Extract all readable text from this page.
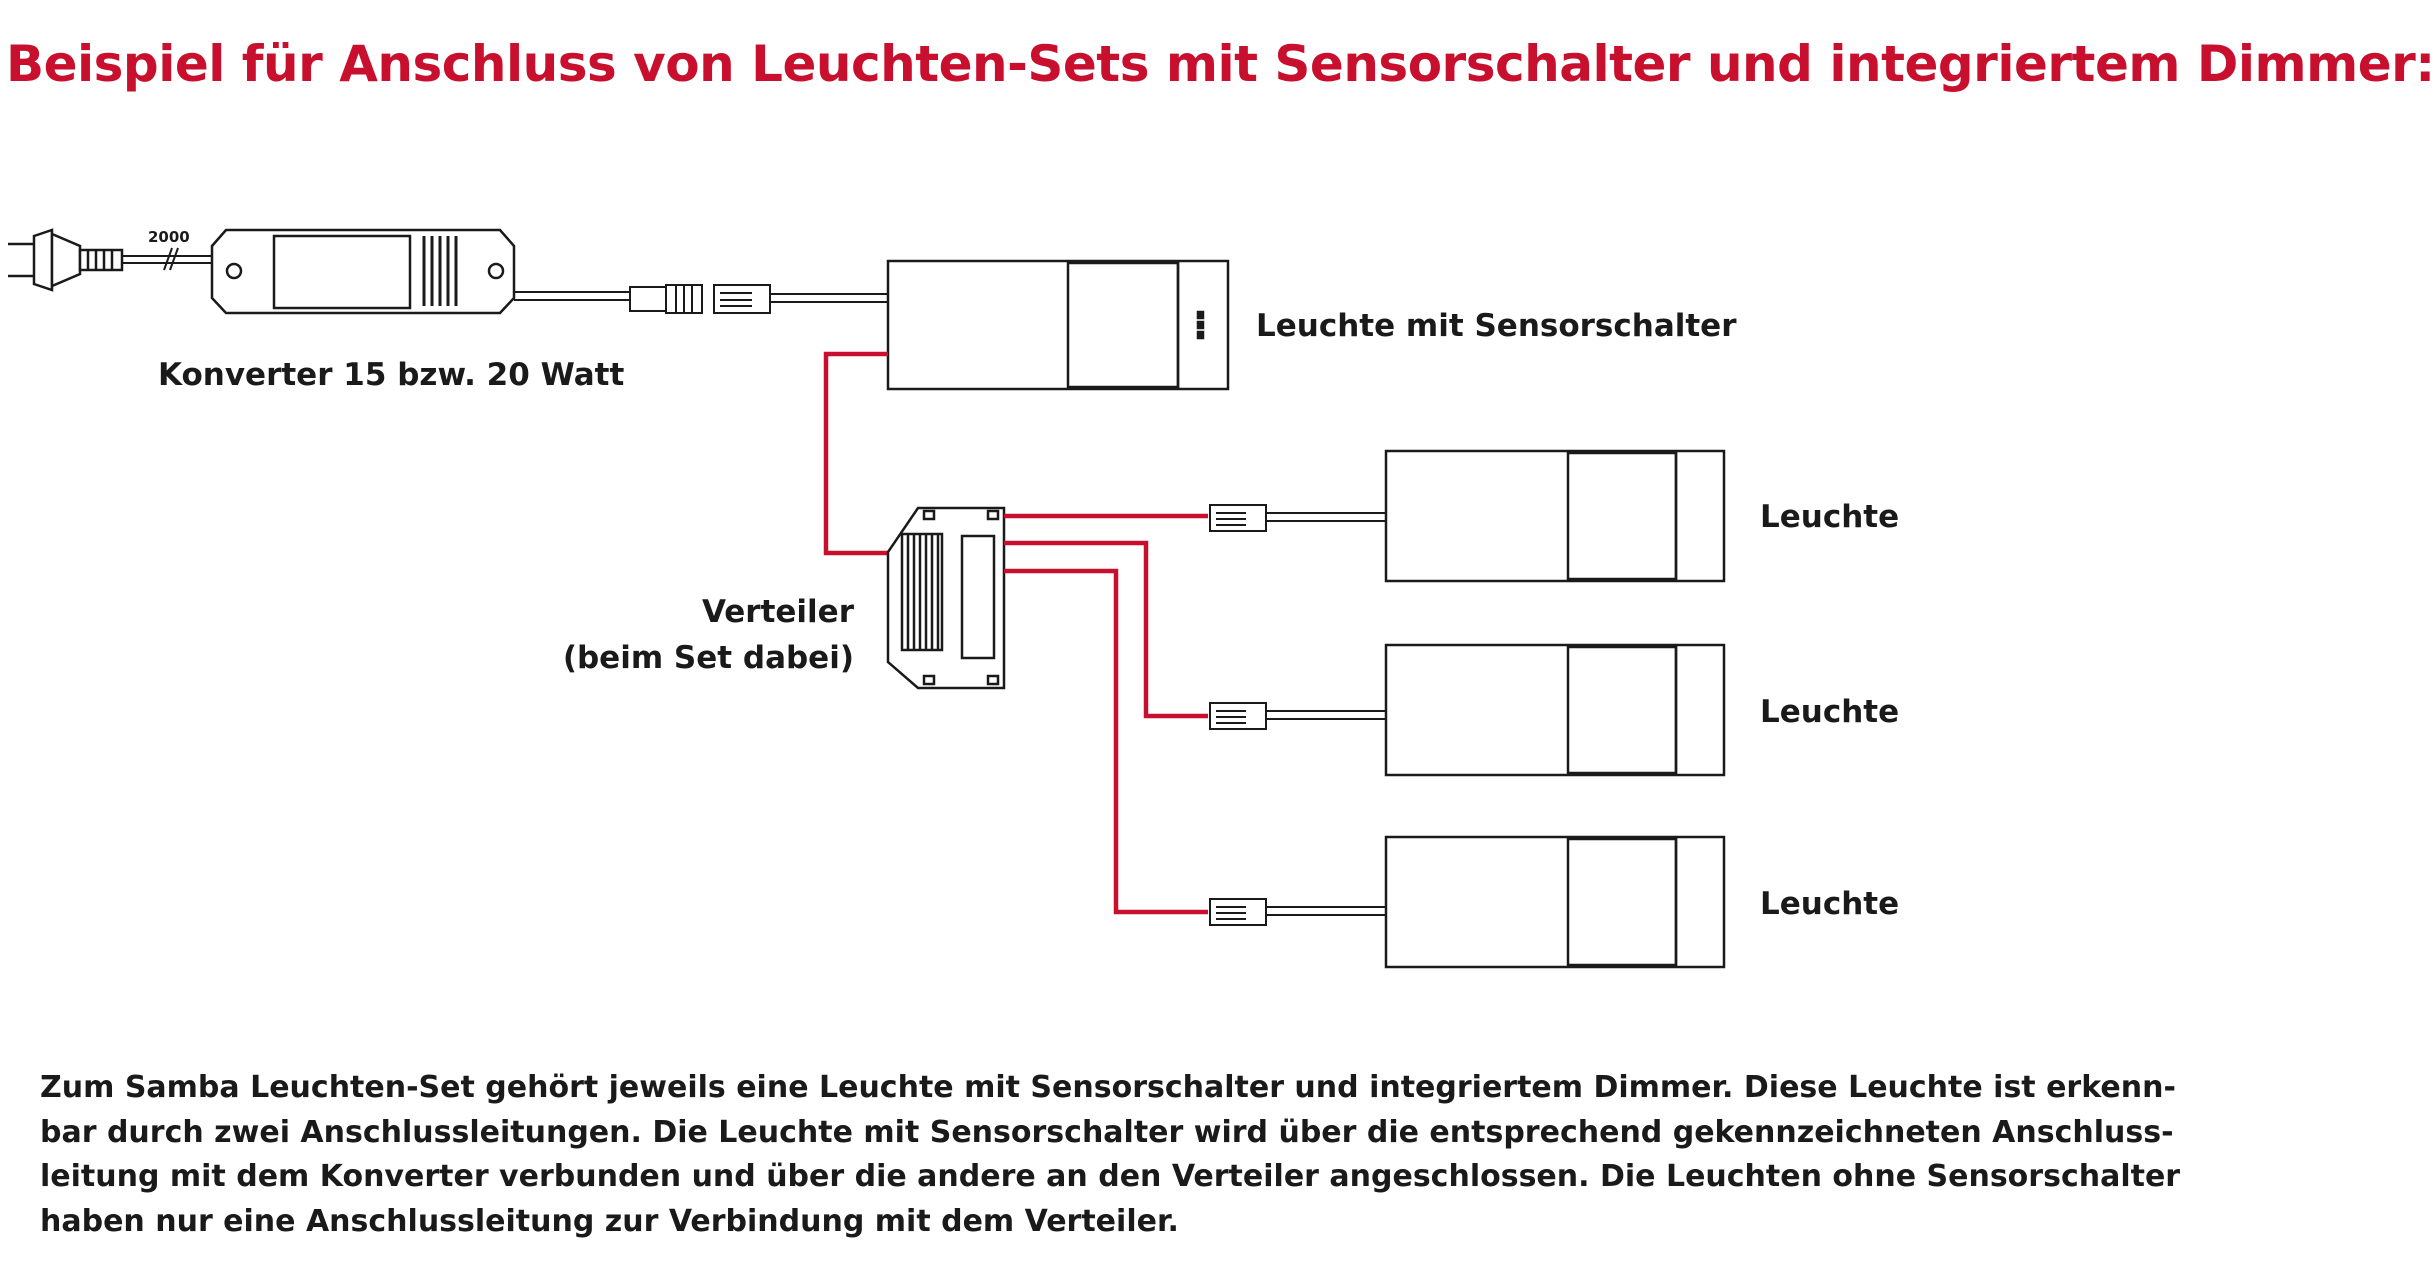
Beispiel für Anschluss von Leuchten-Sets mit Sensorschalter und integriertem Dimmer:
2000
Konverter 15 bzw. 20 Watt
Leuchte mit Sensorschalter
Verteiler
(beim Set dabei)
Leuchte
Leuchte
Leuchte
Zum Samba Leuchten-Set gehört jeweils eine Leuchte mit Sensorschalter und integriertem Dimmer. Diese Leuchte ist erkenn-
bar durch zwei Anschlussleitungen. Die Leuchte mit Sensorschalter wird über die entsprechend gekennzeichneten Anschluss-
leitung mit dem Konverter verbunden und über die andere an den Verteiler angeschlossen. Die Leuchten ohne Sensorschalter
haben nur eine Anschlussleitung zur Verbindung mit dem Verteiler.
